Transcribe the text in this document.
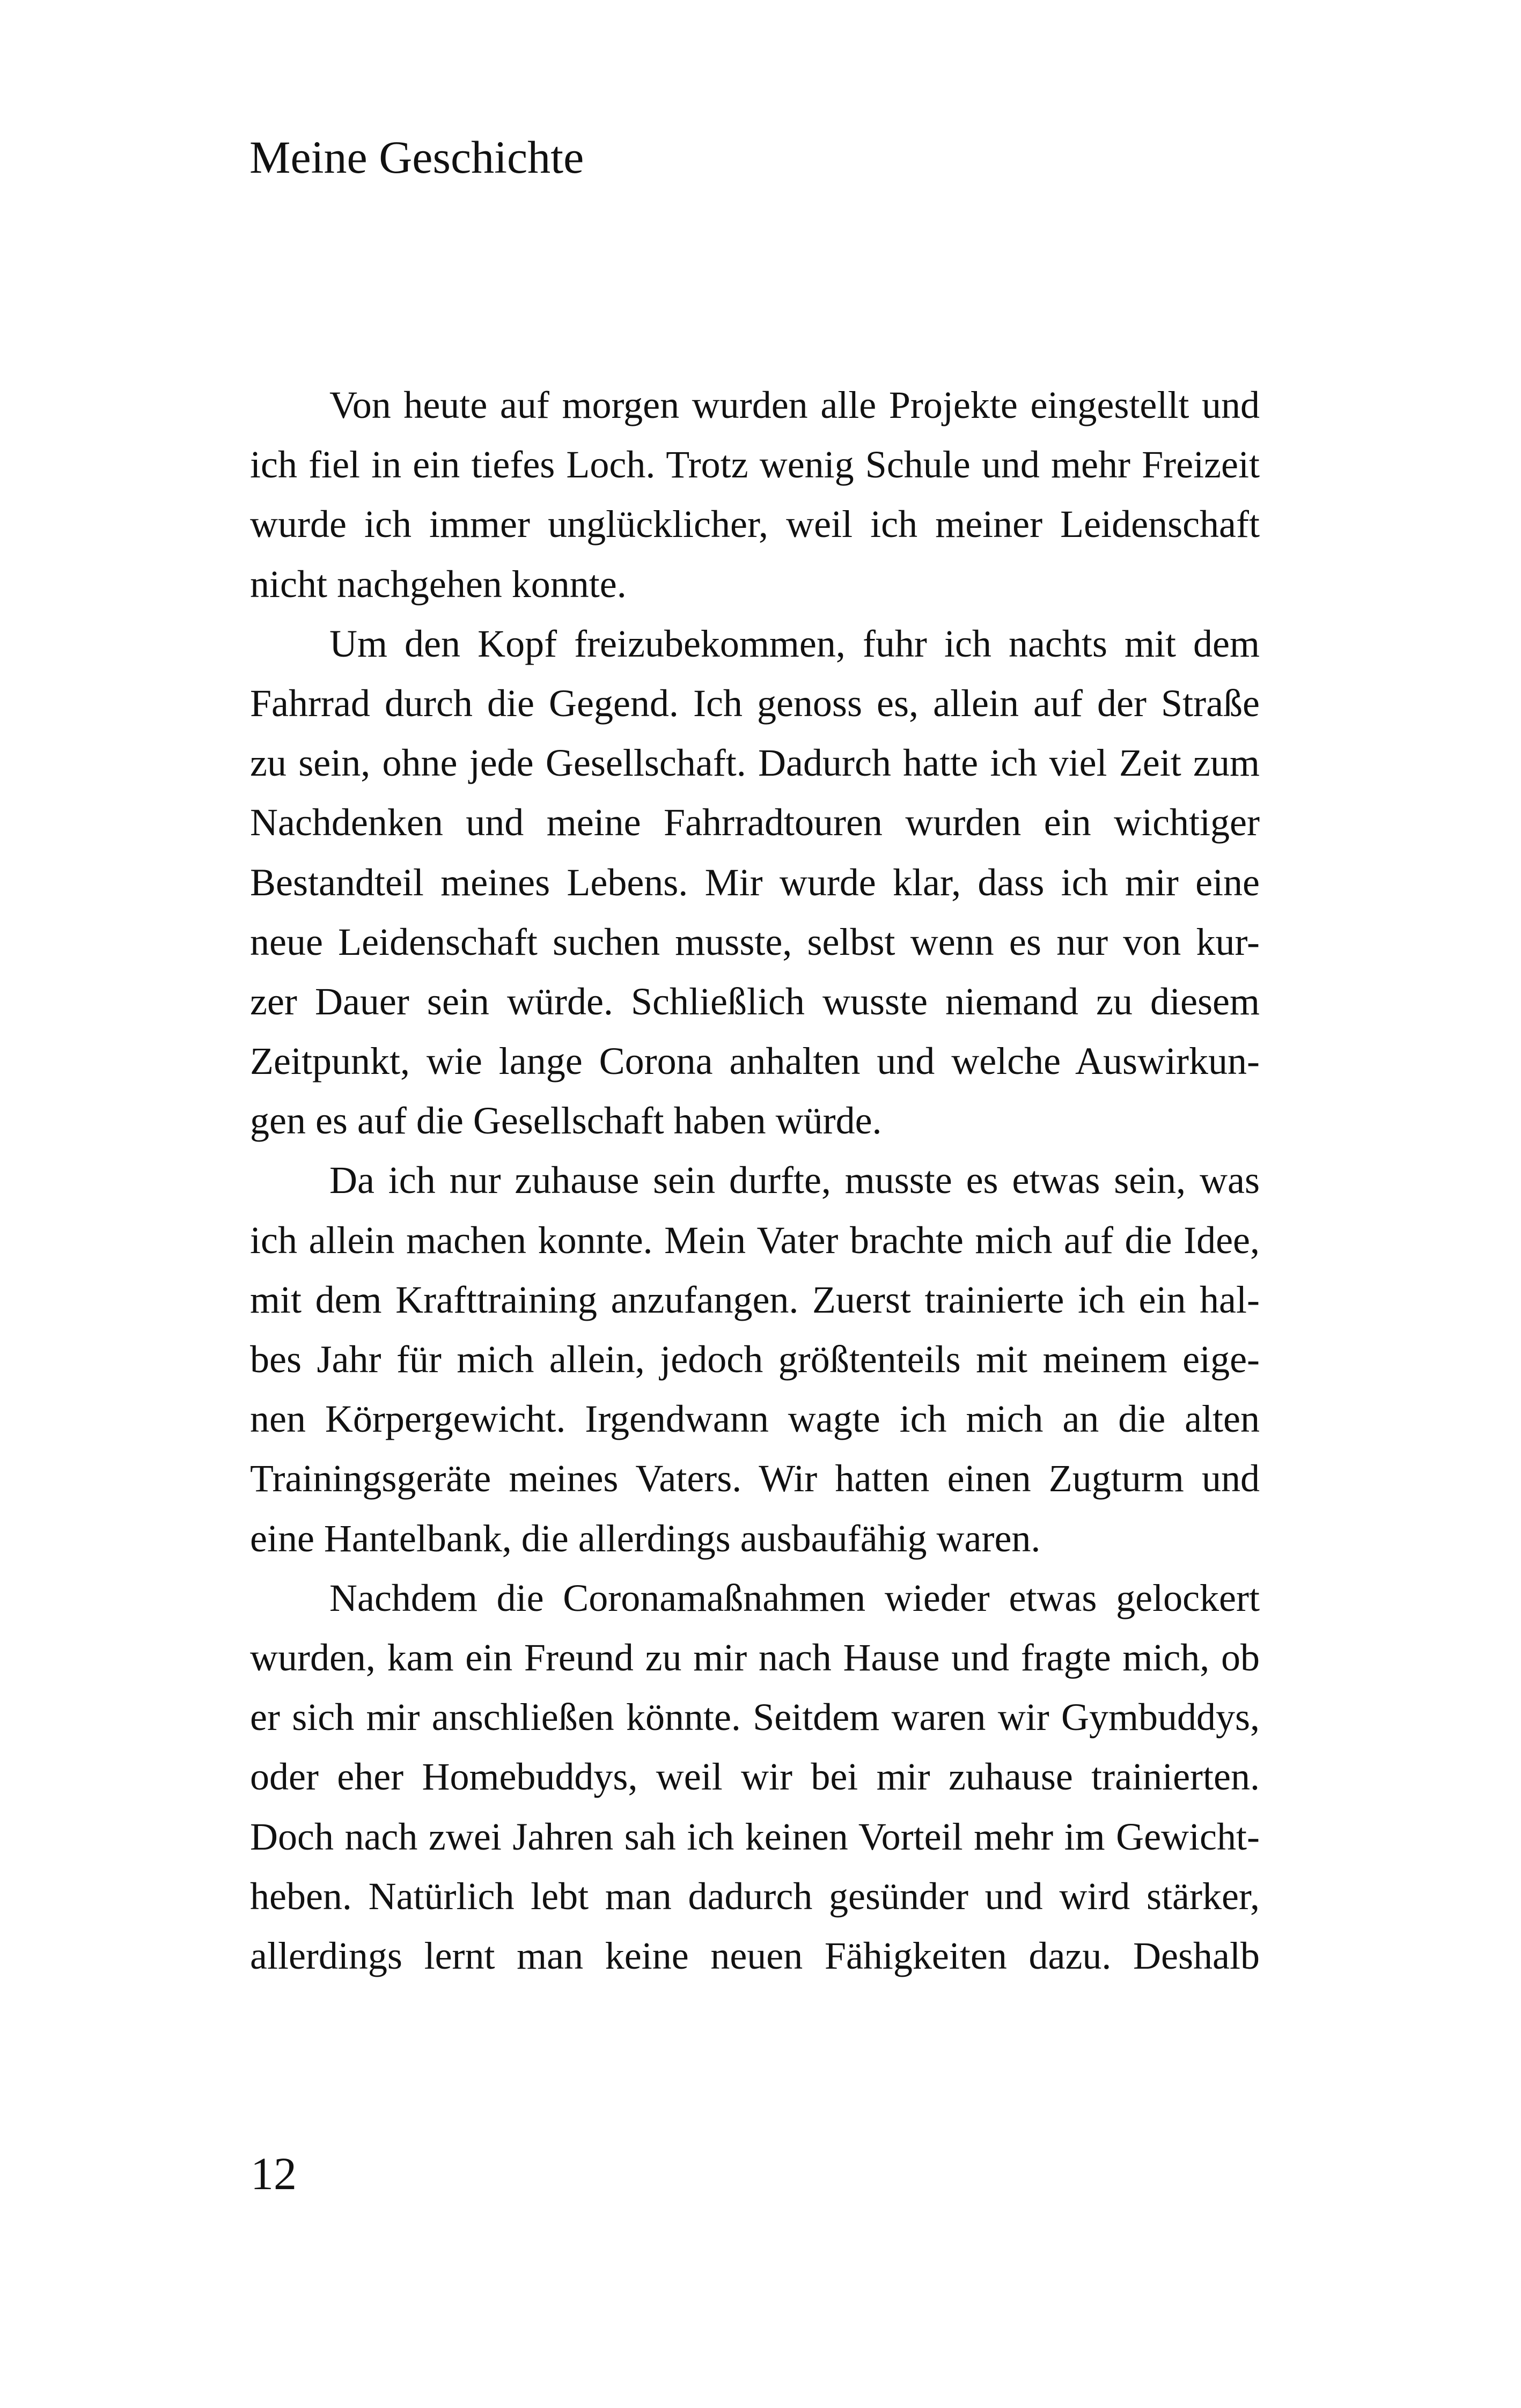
Meine Geschichte
Von heute auf morgen wurden alle Projekte eingestellt und
ich fiel in ein tiefes Loch. Trotz wenig Schule und mehr Freizeit
wurde ich immer unglücklicher, weil ich meiner Leidenschaft
nicht nachgehen konnte.
Um den Kopf freizubekommen, fuhr ich nachts mit dem
Fahrrad durch die Gegend. Ich genoss es, allein auf der Straße
zu sein, ohne jede Gesellschaft. Dadurch hatte ich viel Zeit zum
Nachdenken und meine Fahrradtouren wurden ein wichtiger
Bestandteil meines Lebens. Mir wurde klar, dass ich mir eine
neue Leidenschaft suchen musste, selbst wenn es nur von kur-
zer Dauer sein würde. Schließlich wusste niemand zu diesem
Zeitpunkt, wie lange Corona anhalten und welche Auswirkun-
gen es auf die Gesellschaft haben würde.
Da ich nur zuhause sein durfte, musste es etwas sein, was
ich allein machen konnte. Mein Vater brachte mich auf die Idee,
mit dem Krafttraining anzufangen. Zuerst trainierte ich ein hal-
bes Jahr für mich allein, jedoch größtenteils mit meinem eige-
nen Körpergewicht. Irgendwann wagte ich mich an die alten
Trainingsgeräte meines Vaters. Wir hatten einen Zugturm und
eine Hantelbank, die allerdings ausbaufähig waren.
Nachdem die Coronamaßnahmen wieder etwas gelockert
wurden, kam ein Freund zu mir nach Hause und fragte mich, ob
er sich mir anschließen könnte. Seitdem waren wir Gymbuddys,
oder eher Homebuddys, weil wir bei mir zuhause trainierten.
Doch nach zwei Jahren sah ich keinen Vorteil mehr im Gewicht-
heben. Natürlich lebt man dadurch gesünder und wird stärker,
allerdings lernt man keine neuen Fähigkeiten dazu. Deshalb
12
